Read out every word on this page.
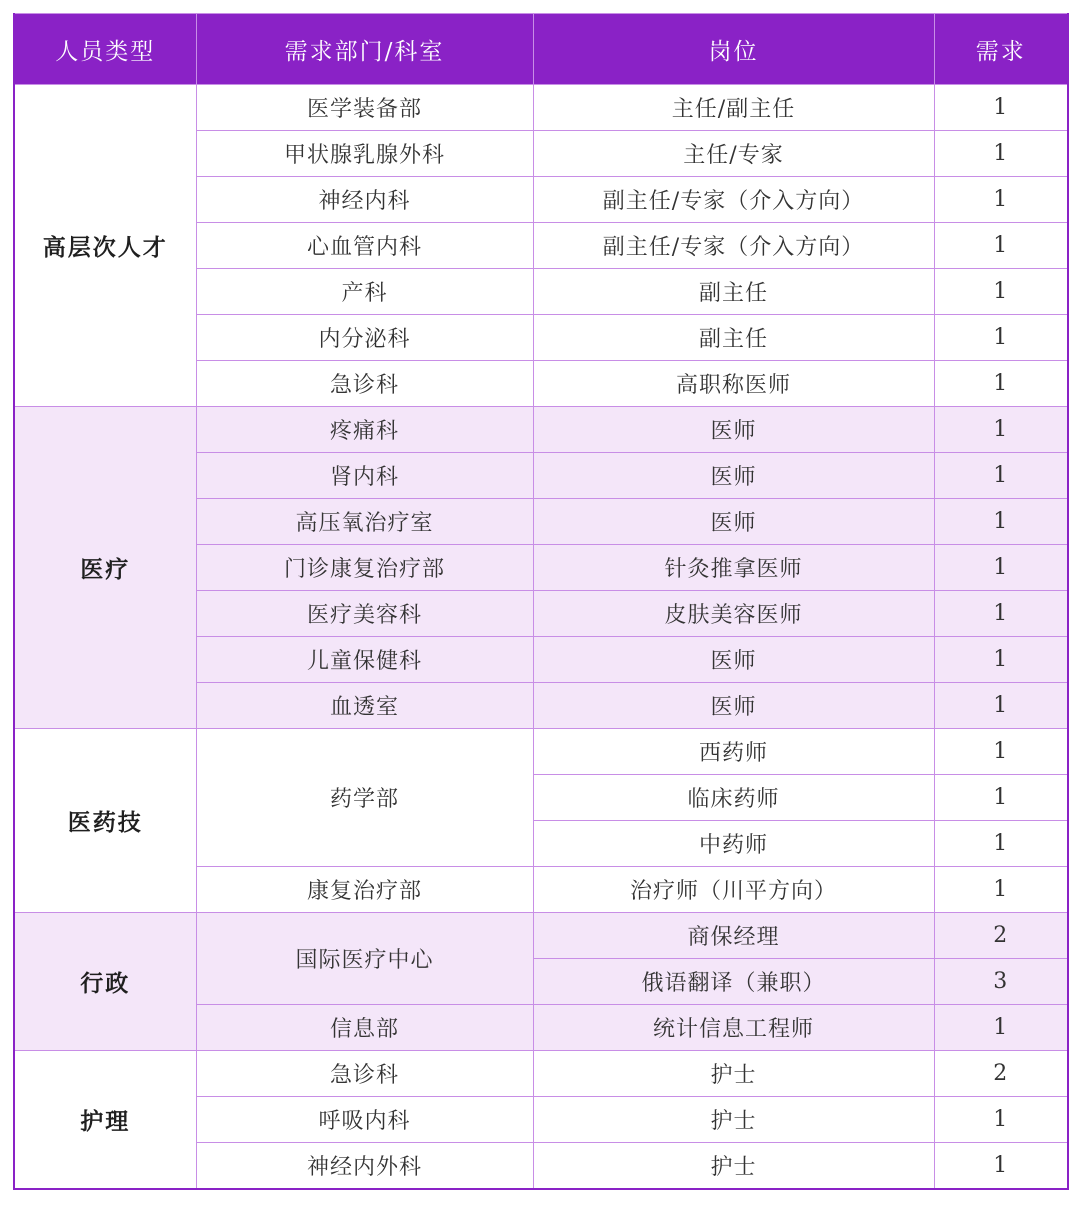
人员类型	需求部门/科室	岗位	需求
高层次人才	医学装备部	主任/副主任	1
	甲状腺乳腺外科	主任/专家	1
	神经内科	副主任/专家（介入方向）	1
	心血管内科	副主任/专家（介入方向）	1
	产科	副主任	1
	内分泌科	副主任	1
	急诊科	高职称医师	1
医疗	疼痛科	医师	1
	肾内科	医师	1
	高压氧治疗室	医师	1
	门诊康复治疗部	针灸推拿医师	1
	医疗美容科	皮肤美容医师	1
	儿童保健科	医师	1
	血透室	医师	1
医药技	药学部	西药师	1
		临床药师	1
		中药师	1
	康复治疗部	治疗师（川平方向）	1
行政	国际医疗中心	商保经理	2
		俄语翻译（兼职）	3
	信息部	统计信息工程师	1
护理	急诊科	护士	2
	呼吸内科	护士	1
	神经内外科	护士	1
